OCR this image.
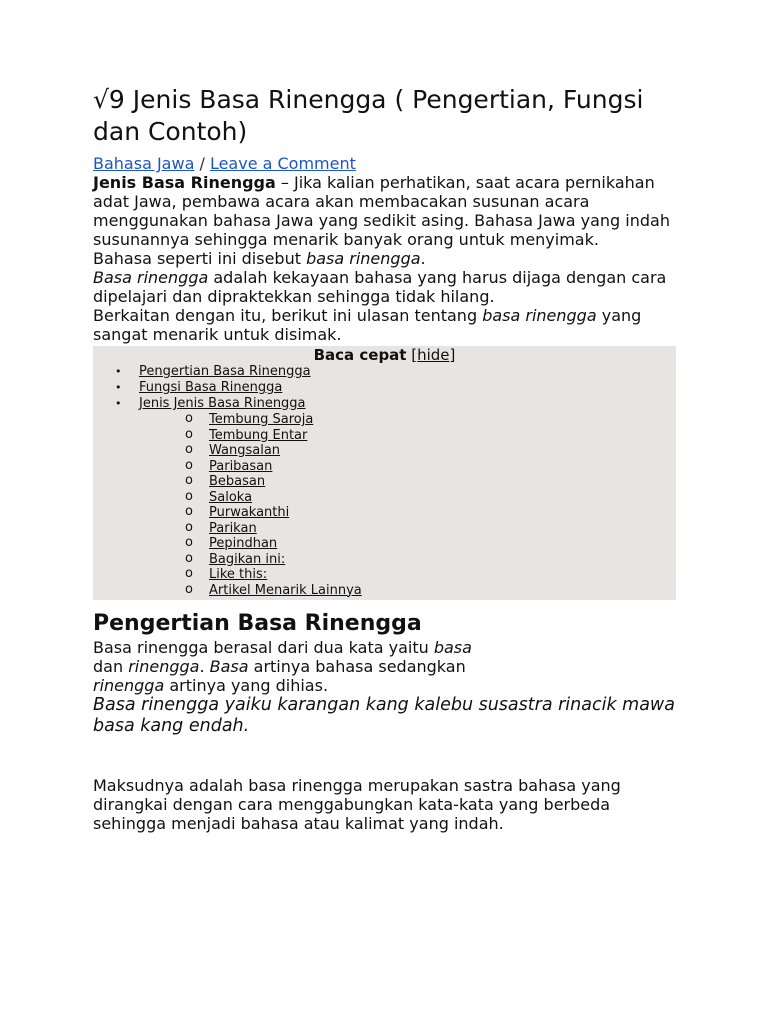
√9 Jenis Basa Rinengga ( Pengertian, Fungsi dan Contoh)
Bahasa Jawa / Leave a Comment

Jenis Basa Rinengga – Jika kalian perhatikan, saat acara pernikahan adat Jawa, pembawa acara akan membacakan susunan acara menggunakan bahasa Jawa yang sedikit asing. Bahasa Jawa yang indah susunannya sehingga menarik banyak orang untuk menyimak.

Bahasa seperti ini disebut basa rinengga.

Basa rinengga adalah kekayaan bahasa yang harus dijaga dengan cara dipelajari dan dipraktekkan sehingga tidak hilang.

Berkaitan dengan itu, berikut ini ulasan tentang basa rinengga yang sangat menarik untuk disimak.

Baca cepat [hide]
• Pengertian Basa Rinengga
• Fungsi Basa Rinengga
• Jenis Jenis Basa Rinengga
o Tembung Saroja
o Tembung Entar
o Wangsalan
o Paribasan
o Bebasan
o Saloka
o Purwakanthi
o Parikan
o Pepindhan
o Bagikan ini:
o Like this:
o Artikel Menarik Lainnya
Pengertian Basa Rinengga

Basa rinengga berasal dari dua kata yaitu basa dan rinengga. Basa artinya bahasa sedangkan rinengga artinya yang dihias.

Basa rinengga yaiku karangan kang kalebu susastra rinacik mawa basa kang endah.

Maksudnya adalah basa rinengga merupakan sastra bahasa yang dirangkai dengan cara menggabungkan kata-kata yang berbeda sehingga menjadi bahasa atau kalimat yang indah.
